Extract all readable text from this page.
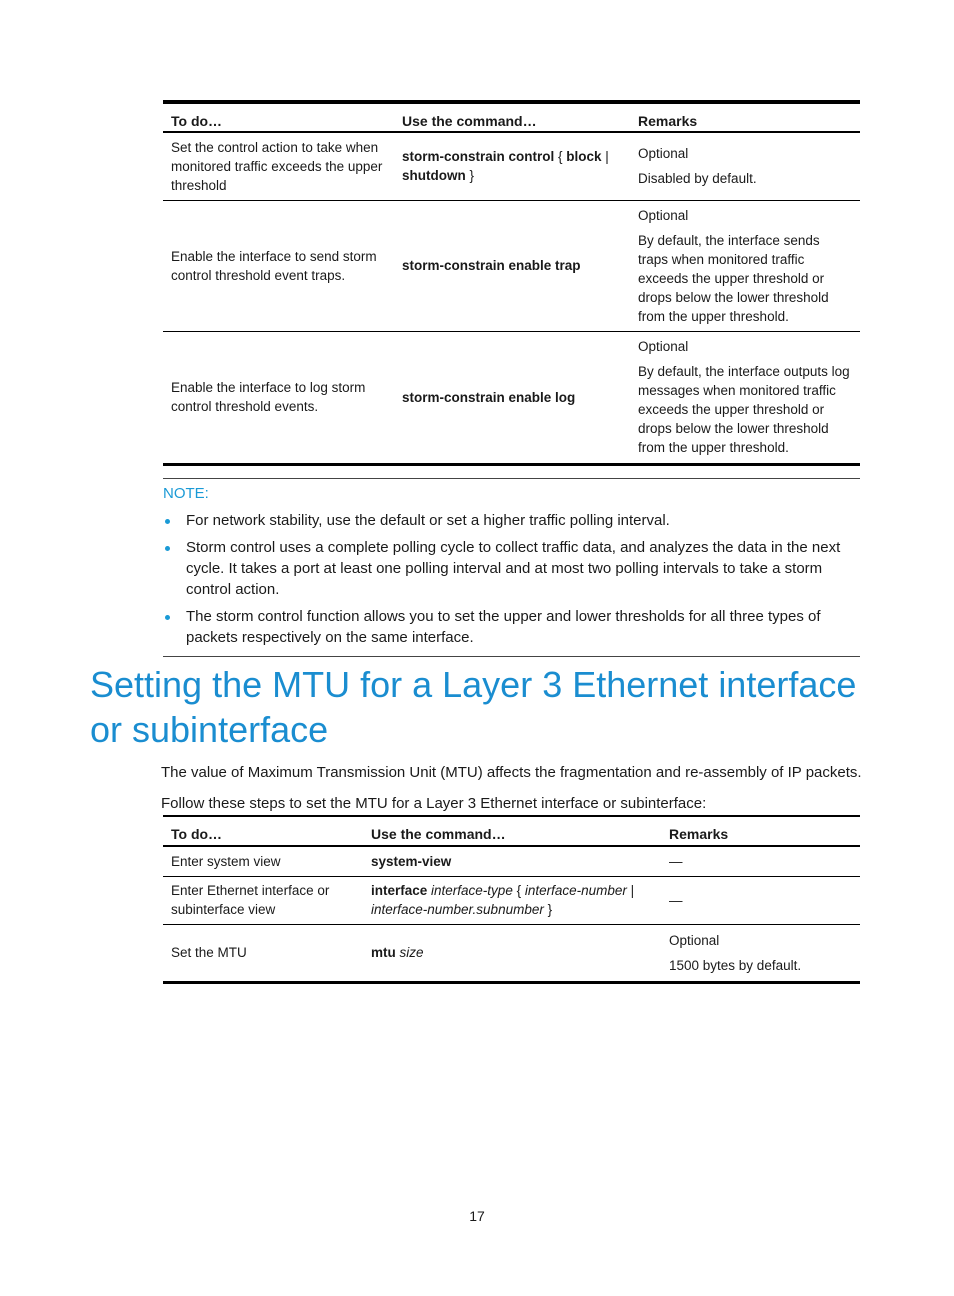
To do…	Use the command…	Remarks
Set the control action to take when monitored traffic exceeds the upper threshold	storm-constrain control { block | shutdown }	Optional

Disabled by default.

Enable the interface to send storm control threshold event traps.	storm-constrain enable trap	Optional

By default, the interface sends traps when monitored traffic exceeds the upper threshold or drops below the lower threshold from the upper threshold.

Enable the interface to log storm control threshold events.	storm-constrain enable log	Optional

By default, the interface outputs log messages when monitored traffic exceeds the upper threshold or drops below the lower threshold from the upper threshold.

NOTE:
For network stability, use the default or set a higher traffic polling interval.
Storm control uses a complete polling cycle to collect traffic data, and analyzes the data in the next cycle. It takes a port at least one polling interval and at most two polling intervals to take a storm control action.
The storm control function allows you to set the upper and lower thresholds for all three types of packets respectively on the same interface.
Setting the MTU for a Layer 3 Ethernet interface or subinterface

The value of Maximum Transmission Unit (MTU) affects the fragmentation and re-assembly of IP packets.

Follow these steps to set the MTU for a Layer 3 Ethernet interface or subinterface:

To do…	Use the command…	Remarks
Enter system view	system-view	—
Enter Ethernet interface or subinterface view	interface interface-type { interface-number | interface-number.subnumber }	—
Set the MTU	mtu size	Optional

1500 bytes by default.

17
